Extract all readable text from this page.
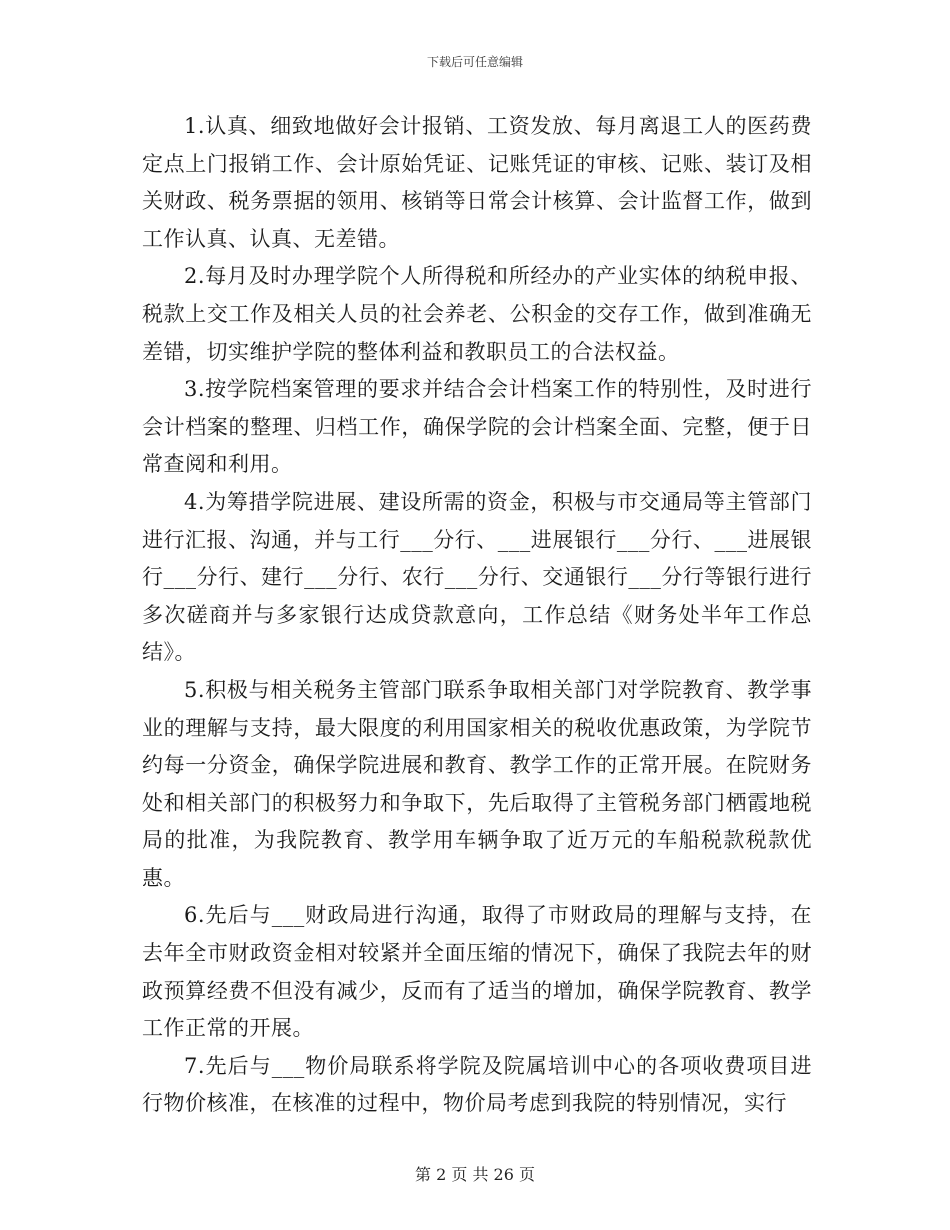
下载后可任意编辑

1.认真、细致地做好会计报销、工资发放、每月离退工人的医药费定点上门报销工作、会计原始凭证、记账凭证的审核、记账、装订及相关财政、税务票据的领用、核销等日常会计核算、会计监督工作，做到工作认真、认真、无差错。

2.每月及时办理学院个人所得税和所经办的产业实体的纳税申报、税款上交工作及相关人员的社会养老、公积金的交存工作，做到准确无差错，切实维护学院的整体利益和教职员工的合法权益。

3.按学院档案管理的要求并结合会计档案工作的特别性，及时进行会计档案的整理、归档工作，确保学院的会计档案全面、完整，便于日常查阅和利用。

4.为筹措学院进展、建设所需的资金，积极与市交通局等主管部门进行汇报、沟通，并与工行___分行、___进展银行___分行、___进展银行___分行、建行___分行、农行___分行、交通银行___分行等银行进行多次磋商并与多家银行达成贷款意向，工作总结《财务处半年工作总结》。

5.积极与相关税务主管部门联系争取相关部门对学院教育、教学事业的理解与支持，最大限度的利用国家相关的税收优惠政策，为学院节约每一分资金，确保学院进展和教育、教学工作的正常开展。在院财务处和相关部门的积极努力和争取下，先后取得了主管税务部门栖霞地税局的批准，为我院教育、教学用车辆争取了近万元的车船税款税款优惠。

6.先后与___财政局进行沟通，取得了市财政局的理解与支持，在去年全市财政资金相对较紧并全面压缩的情况下，确保了我院去年的财政预算经费不但没有减少，反而有了适当的增加，确保学院教育、教学工作正常的开展。

7.先后与___物价局联系将学院及院属培训中心的各项收费项目进行物价核准，在核准的过程中，物价局考虑到我院的特别情况，实行

第 2 页 共 26 页
